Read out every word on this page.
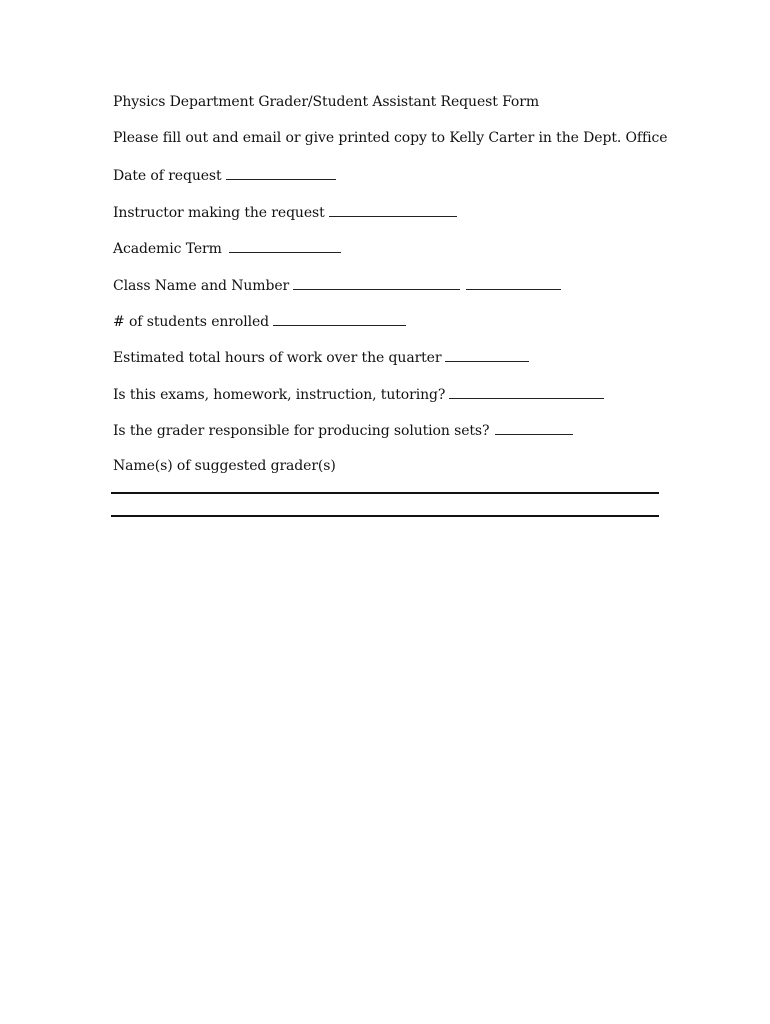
Physics Department Grader/Student Assistant Request Form
Please fill out and email or give printed copy to Kelly Carter in the Dept. Office
Date of request
Instructor making the request
Academic Term
Class Name and Number
# of students enrolled
Estimated total hours of work over the quarter
Is this exams, homework, instruction, tutoring?
Is the grader responsible for producing solution sets?
Name(s) of suggested grader(s)
